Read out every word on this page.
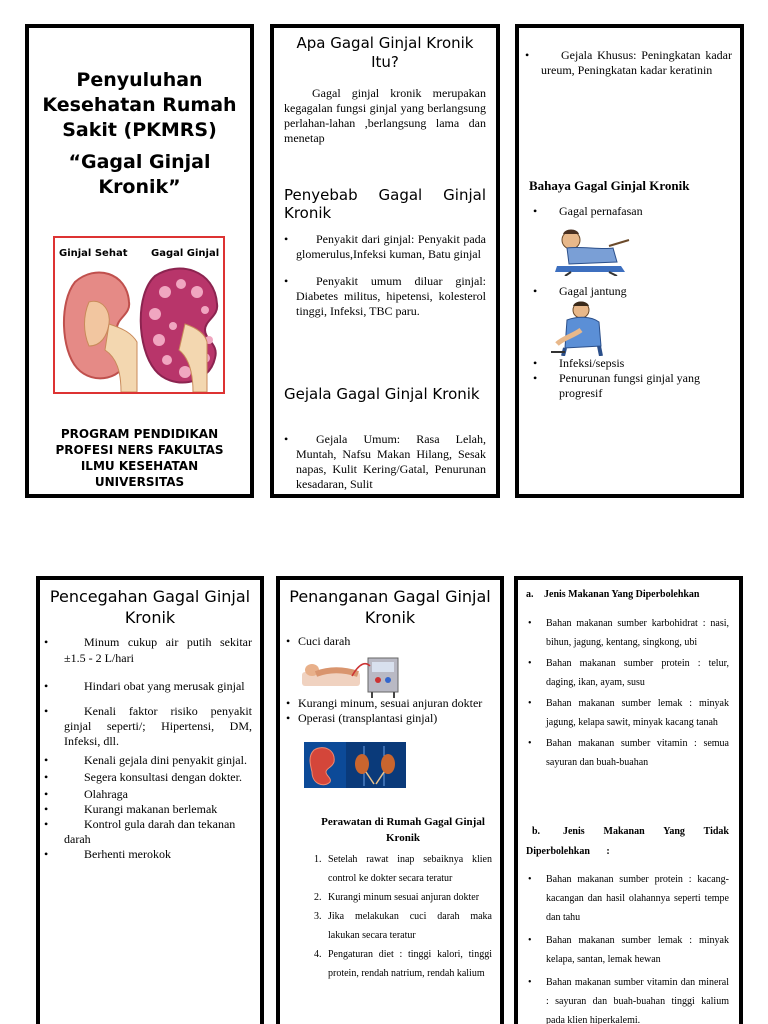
Penyuluhan Kesehatan Rumah Sakit (PKMRS)
“Gagal Ginjal Kronik”
Ginjal Sehat Gagal Ginjal
PROGRAM PENDIDIKAN PROFESI NERS FAKULTAS ILMU KESEHATAN UNIVERSITAS
Apa Gagal Ginjal Kronik Itu?

Gagal ginjal kronik merupakan kegagalan fungsi ginjal yang berlangsung perlahan-lahan ,berlangsung lama dan menetap

Penyebab Gagal Ginjal Kronik
• Penyakit dari ginjal: Penyakit pada glomerulus,Infeksi kuman, Batu ginjal
• Penyakit umum diluar ginjal: Diabetes militus, hipetensi, kolesterol tinggi, Infeksi, TBC paru.
Gejala Gagal Ginjal Kronik
• Gejala Umum: Rasa Lelah, Muntah, Nafsu Makan Hilang, Sesak napas, Kulit Kering/Gatal, Penurunan kesadaran, Sulit
• Gejala Khusus: Peningkatan kadar ureum, Peningkatan kadar keratinin
Bahaya Gagal Ginjal Kronik
• Gagal pernafasan
• Gagal jantung
• Infeksi/sepsis
• Penurunan fungsi ginjal yang progresif
Pencegahan Gagal Ginjal Kronik
• Minum cukup air putih sekitar ±1.5 - 2 L/hari
• Hindari obat yang merusak ginjal
• Kenali faktor risiko penyakit ginjal seperti/; Hipertensi, DM, Infeksi, dll.
• Kenali gejala dini penyakit ginjal.
• Segera konsultasi dengan dokter.
• Olahraga
• Kurangi makanan berlemak
• Kontrol gula darah dan tekanan darah
• Berhenti merokok
Penanganan Gagal Ginjal Kronik
• Cuci darah
• Kurangi minum, sesuai anjuran dokter
• Operasi (transplantasi ginjal)
Perawatan di Rumah Gagal Ginjal Kronik
1. Setelah rawat inap sebaiknya klien control ke dokter secara teratur
2. Kurangi minum sesuai anjuran dokter
3. Jika melakukan cuci darah maka lakukan secara teratur
4. Pengaturan diet : tinggi kalori, tinggi protein, rendah natrium, rendah kalium
a. Jenis Makanan Yang Diperbolehkan
• Bahan makanan sumber karbohidrat : nasi, bihun, jagung, kentang, singkong, ubi
• Bahan makanan sumber protein : telur, daging, ikan, ayam, susu
• Bahan makanan sumber lemak : minyak jagung, kelapa sawit, minyak kacang tanah
• Bahan makanan sumber vitamin : semua sayuran dan buah-buahan
b. Jenis Makanan Yang Tidak Diperbolehkan :
• Bahan makanan sumber protein : kacang-kacangan dan hasil olahannya seperti tempe dan tahu
• Bahan makanan sumber lemak : minyak kelapa, santan, lemak hewan
• Bahan makanan sumber vitamin dan mineral : sayuran dan buah-buahan tinggi kalium pada klien hiperkalemi.
